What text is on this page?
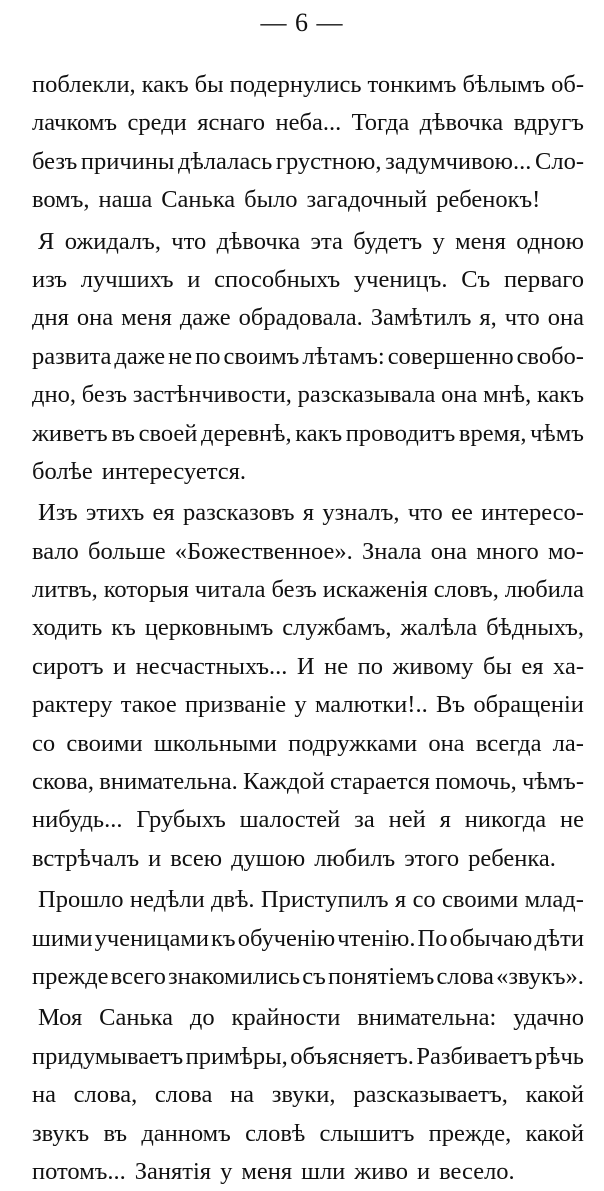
— 6 —
поблекли, какъ бы подернулись тонкимъ бѣлымъ об-
лачкомъ среди яснаго неба... Тогда дѣвочка вдругъ
безъ причины дѣлалась грустною, задумчивою... Сло-
вомъ, наша Санька было загадочный ребенокъ!
Я ожидалъ, что дѣвочка эта будетъ у меня одною
изъ лучшихъ и способныхъ ученицъ. Съ перваго
дня она меня даже обрадовала. Замѣтилъ я, что она
развита даже не по своимъ лѣтамъ: совершенно свобо-
дно, безъ застѣнчивости, разсказывала она мнѣ, какъ
живетъ въ своей деревнѣ, какъ проводитъ время, чѣмъ
болѣе интересуется.
Изъ этихъ ея разсказовъ я узналъ, что ее интересо-
вало больше «Божественное». Знала она много мо-
литвъ, которыя читала безъ искаженія словъ, любила
ходить къ церковнымъ службамъ, жалѣла бѣдныхъ,
сиротъ и несчастныхъ... И не по живому бы ея ха-
рактеру такое призваніе у малютки!.. Въ обращеніи
со своими школьными подружками она всегда ла-
скова, внимательна. Каждой старается помочь, чѣмъ-
нибудь... Грубыхъ шалостей за ней я никогда не
встрѣчалъ и всею душою любилъ этого ребенка.
Прошло недѣли двѣ. Приступилъ я со своими млад-
шими ученицами къ обученію чтенію. По обычаю дѣти
прежде всего знакомились съ понятіемъ слова «звукъ».
Моя Санька до крайности внимательна: удачно
придумываетъ примѣры, объясняетъ. Разбиваетъ рѣчь
на слова, слова на звуки, разсказываетъ, какой
звукъ въ данномъ словѣ слышитъ прежде, какой
потомъ... Занятія у меня шли живо и весело.
